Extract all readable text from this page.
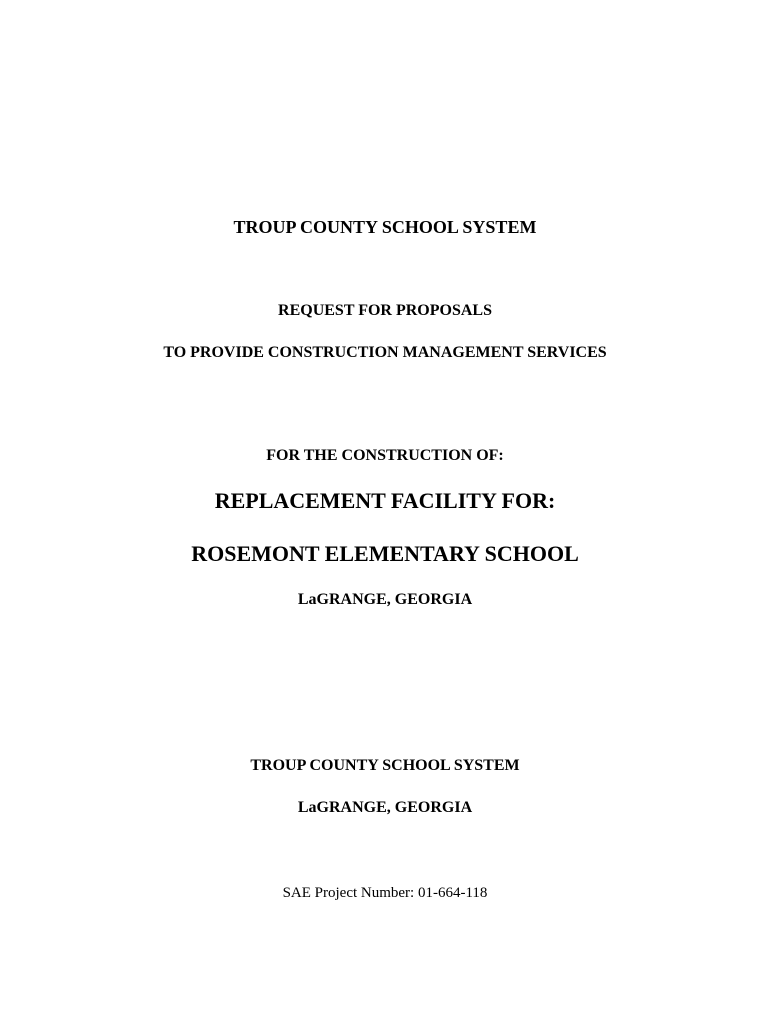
TROUP COUNTY SCHOOL SYSTEM
REQUEST FOR PROPOSALS
TO PROVIDE CONSTRUCTION MANAGEMENT SERVICES
FOR THE CONSTRUCTION OF:
REPLACEMENT FACILITY FOR:
ROSEMONT ELEMENTARY SCHOOL
LaGRANGE, GEORGIA
TROUP COUNTY SCHOOL SYSTEM
LaGRANGE, GEORGIA
SAE Project Number: 01-664-118
